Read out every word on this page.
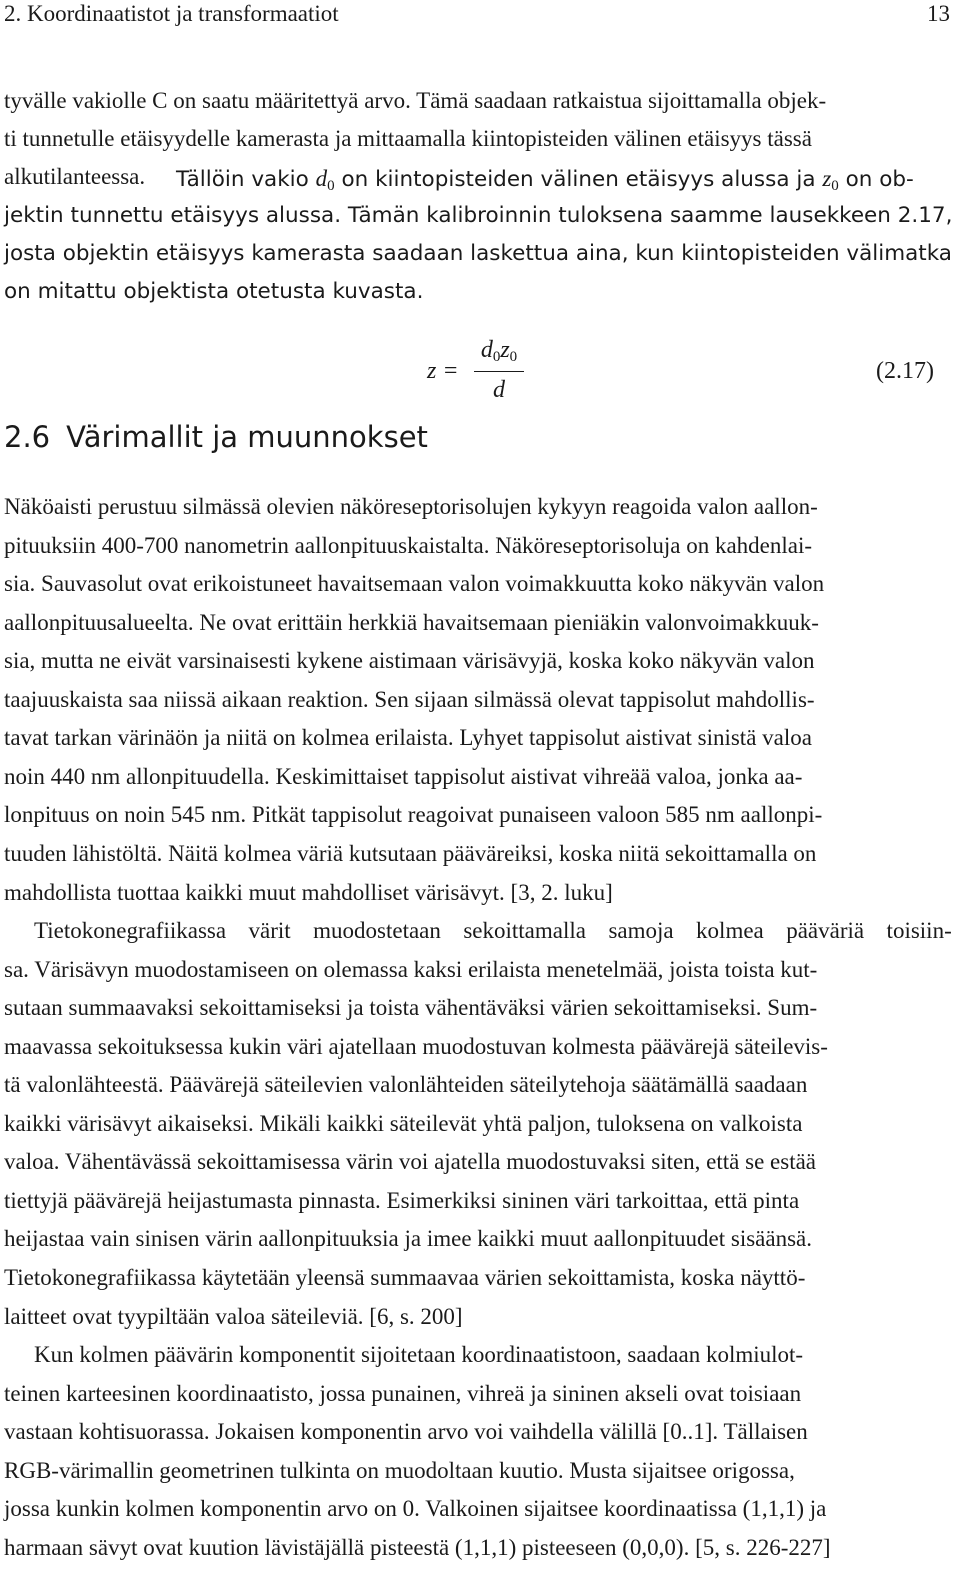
2. Koordinaatistot ja transformaatiot	13
tyvälle vakiolle C on saatu määritettyä arvo. Tämä saadaan ratkaistua sijoittamalla objek-
ti tunnetulle etäisyydelle kamerasta ja mittaamalla kiintopisteiden välinen etäisyys tässä
alkutilanteessa.	Tällöin vakio $d_0$ on kiintopisteiden välinen etäisyys alussa ja $z_0$ on ob-
jektin tunnettu etäisyys alussa. Tämän kalibroinnin tuloksena saamme lausekkeen 2.17,
josta objektin etäisyys kamerasta saadaan laskettua aina, kun kiintopisteiden välimatka
on mitattu objektista otetusta kuvasta.
z =
$d_0z_0$
d
(2.17)
2.6 Värimallit ja muunnokset
Näköaisti perustuu silmässä olevien näköreseptorisolujen kykyyn reagoida valon aallon-
pituuksiin 400-700 nanometrin aallonpituuskaistalta. Näköreseptorisoluja on kahdenlai-
sia. Sauvasolut ovat erikoistuneet havaitsemaan valon voimakkuutta koko näkyvän valon
aallonpituusalueelta. Ne ovat erittäin herkkiä havaitsemaan pieniäkin valonvoimakkuuk-
sia, mutta ne eivät varsinaisesti kykene aistimaan värisävyjä, koska koko näkyvän valon
taajuuskaista saa niissä aikaan reaktion. Sen sijaan silmässä olevat tappisolut mahdollis-
tavat tarkan värinäön ja niitä on kolmea erilaista. Lyhyet tappisolut aistivat sinistä valoa
noin 440 nm allonpituudella. Keskimittaiset tappisolut aistivat vihreää valoa, jonka aa-
lonpituus on noin 545 nm. Pitkät tappisolut reagoivat punaiseen valoon 585 nm aallonpi-
tuuden lähistöltä. Näitä kolmea väriä kutsutaan pääväreiksi, koska niitä sekoittamalla on
mahdollista tuottaa kaikki muut mahdolliset värisävyt. [3, 2. luku]
Tietokonegrafiikassa värit muodostetaan sekoittamalla samoja kolmea pääväriä toisiin-
sa. Värisävyn muodostamiseen on olemassa kaksi erilaista menetelmää, joista toista kut-
sutaan summaavaksi sekoittamiseksi ja toista vähentäväksi värien sekoittamiseksi. Sum-
maavassa sekoituksessa kukin väri ajatellaan muodostuvan kolmesta päävärejä säteilevis-
tä valonlähteestä. Päävärejä säteilevien valonlähteiden säteilytehoja säätämällä saadaan
kaikki värisävyt aikaiseksi. Mikäli kaikki säteilevät yhtä paljon, tuloksena on valkoista
valoa. Vähentävässä sekoittamisessa värin voi ajatella muodostuvaksi siten, että se estää
tiettyjä päävärejä heijastumasta pinnasta. Esimerkiksi sininen väri tarkoittaa, että pinta
heijastaa vain sinisen värin aallonpituuksia ja imee kaikki muut aallonpituudet sisäänsä.
Tietokonegrafiikassa käytetään yleensä summaavaa värien sekoittamista, koska näyttö-
laitteet ovat tyypiltään valoa säteileviä. [6, s. 200]
Kun kolmen päävärin komponentit sijoitetaan koordinaatistoon, saadaan kolmiulot-
teinen karteesinen koordinaatisto, jossa punainen, vihreä ja sininen akseli ovat toisiaan
vastaan kohtisuorassa. Jokaisen komponentin arvo voi vaihdella välillä [0..1]. Tällaisen
RGB-värimallin geometrinen tulkinta on muodoltaan kuutio. Musta sijaitsee origossa,
jossa kunkin kolmen komponentin arvo on 0. Valkoinen sijaitsee koordinaatissa (1,1,1) ja
harmaan sävyt ovat kuution lävistäjällä pisteestä (1,1,1) pisteeseen (0,0,0). [5, s. 226-227]
